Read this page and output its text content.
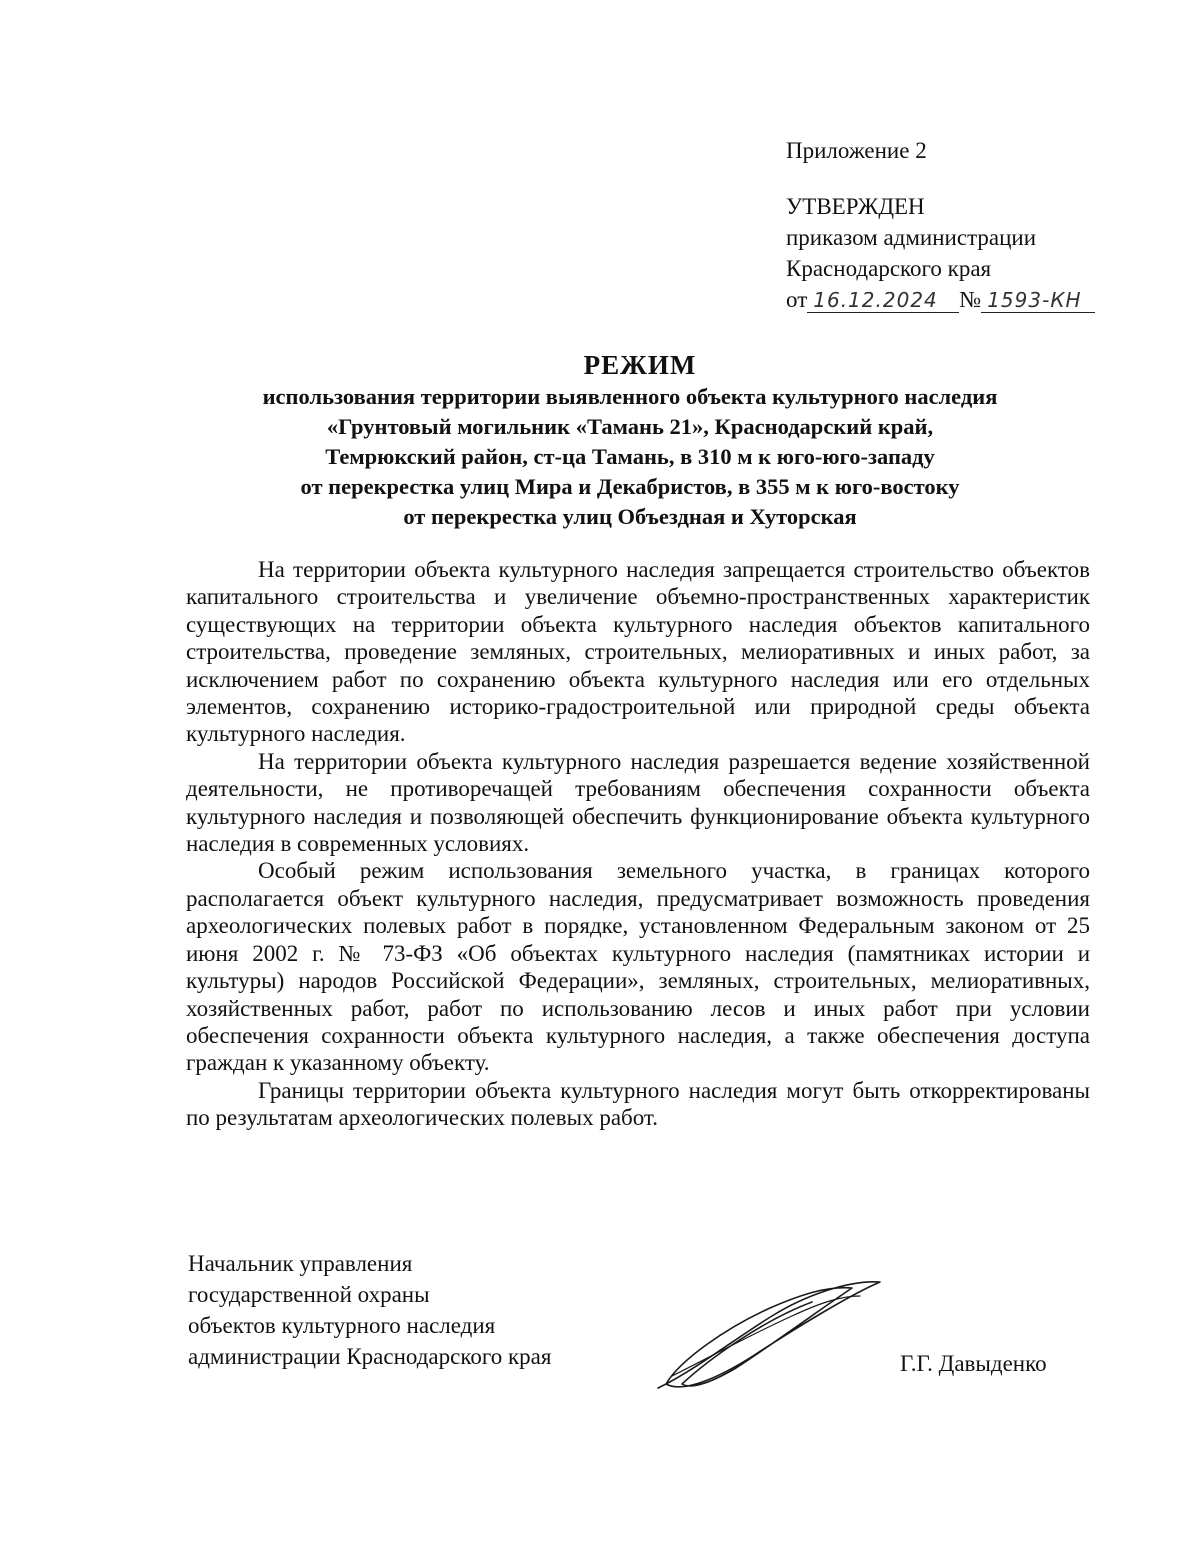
Приложение 2

УТВЕРЖДЕН

приказом администрации

Краснодарского края

от 16.12.2024 № 1593-КН

РЕЖИМ
использования территории выявленного объекта культурного наследия
«Грунтовый могильник «Тамань 21», Краснодарский край,
Темрюкский район, ст-ца Тамань, в 310 м к юго-юго-западу
от перекрестка улиц Мира и Декабристов, в 355 м к юго-востоку
от перекрестка улиц Объездная и Хуторская

На территории объекта культурного наследия запрещается строительство объектов капитального строительства и увеличение объемно-пространственных характеристик существующих на территории объекта культурного наследия объектов капитального строительства, проведение земляных, строительных, мелиоративных и иных работ, за исключением работ по сохранению объекта культурного наследия или его отдельных элементов, сохранению историко-градостроительной или природной среды объекта культурного наследия.

На территории объекта культурного наследия разрешается ведение хозяйственной деятельности, не противоречащей требованиям обеспечения сохранности объекта культурного наследия и позволяющей обеспечить функционирование объекта культурного наследия в современных условиях.

Особый режим использования земельного участка, в границах которого располагается объект культурного наследия, предусматривает возможность проведения археологических полевых работ в порядке, установленном Федеральным законом от 25 июня 2002 г. № 73-ФЗ «Об объектах культурного наследия (памятниках истории и культуры) народов Российской Федерации», земляных, строительных, мелиоративных, хозяйственных работ, работ по использованию лесов и иных работ при условии обеспечения сохранности объекта культурного наследия, а также обеспечения доступа граждан к указанному объекту.

Границы территории объекта культурного наследия могут быть откорректированы по результатам археологических полевых работ.

Начальник управления

государственной охраны

объектов культурного наследия

администрации Краснодарского края	Г.Г. Давыденко
